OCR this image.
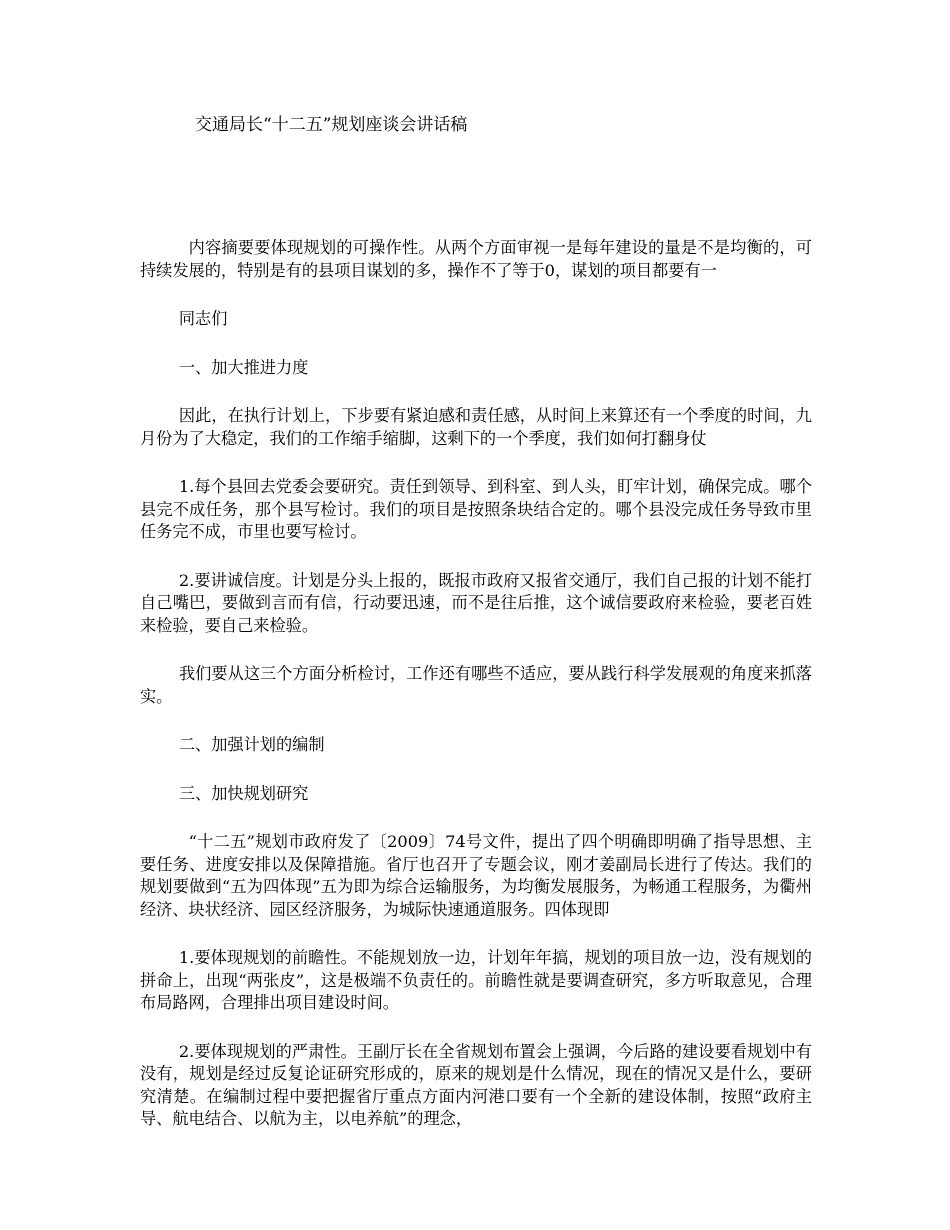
交通局长“十二五”规划座谈会讲话稿

内容摘要要体现规划的可操作性。从两个方面审视一是每年建设的量是不是均衡的，可持续发展的，特别是有的县项目谋划的多，操作不了等于0，谋划的项目都要有一

同志们

一、加大推进力度

因此，在执行计划上，下步要有紧迫感和责任感，从时间上来算还有一个季度的时间，九月份为了大稳定，我们的工作缩手缩脚，这剩下的一个季度，我们如何打翻身仗

1.每个县回去党委会要研究。责任到领导、到科室、到人头，盯牢计划，确保完成。哪个县完不成任务，那个县写检讨。我们的项目是按照条块结合定的。哪个县没完成任务导致市里任务完不成，市里也要写检讨。

2.要讲诚信度。计划是分头上报的，既报市政府又报省交通厅，我们自己报的计划不能打自己嘴巴，要做到言而有信，行动要迅速，而不是往后推，这个诚信要政府来检验，要老百姓来检验，要自己来检验。

我们要从这三个方面分析检讨，工作还有哪些不适应，要从践行科学发展观的角度来抓落实。

二、加强计划的编制

三、加快规划研究

“十二五”规划市政府发了〔2009〕74号文件，提出了四个明确即明确了指导思想、主要任务、进度安排以及保障措施。省厅也召开了专题会议，刚才姜副局长进行了传达。我们的规划要做到“五为四体现”五为即为综合运输服务，为均衡发展服务，为畅通工程服务，为衢州经济、块状经济、园区经济服务，为城际快速通道服务。四体现即

1.要体现规划的前瞻性。不能规划放一边，计划年年搞，规划的项目放一边，没有规划的拼命上，出现“两张皮”，这是极端不负责任的。前瞻性就是要调查研究，多方听取意见，合理布局路网，合理排出项目建设时间。

2.要体现规划的严肃性。王副厅长在全省规划布置会上强调，今后路的建设要看规划中有没有，规划是经过反复论证研究形成的，原来的规划是什么情况，现在的情况又是什么，要研究清楚。在编制过程中要把握省厅重点方面内河港口要有一个全新的建设体制，按照“政府主导、航电结合、以航为主，以电养航”的理念，
